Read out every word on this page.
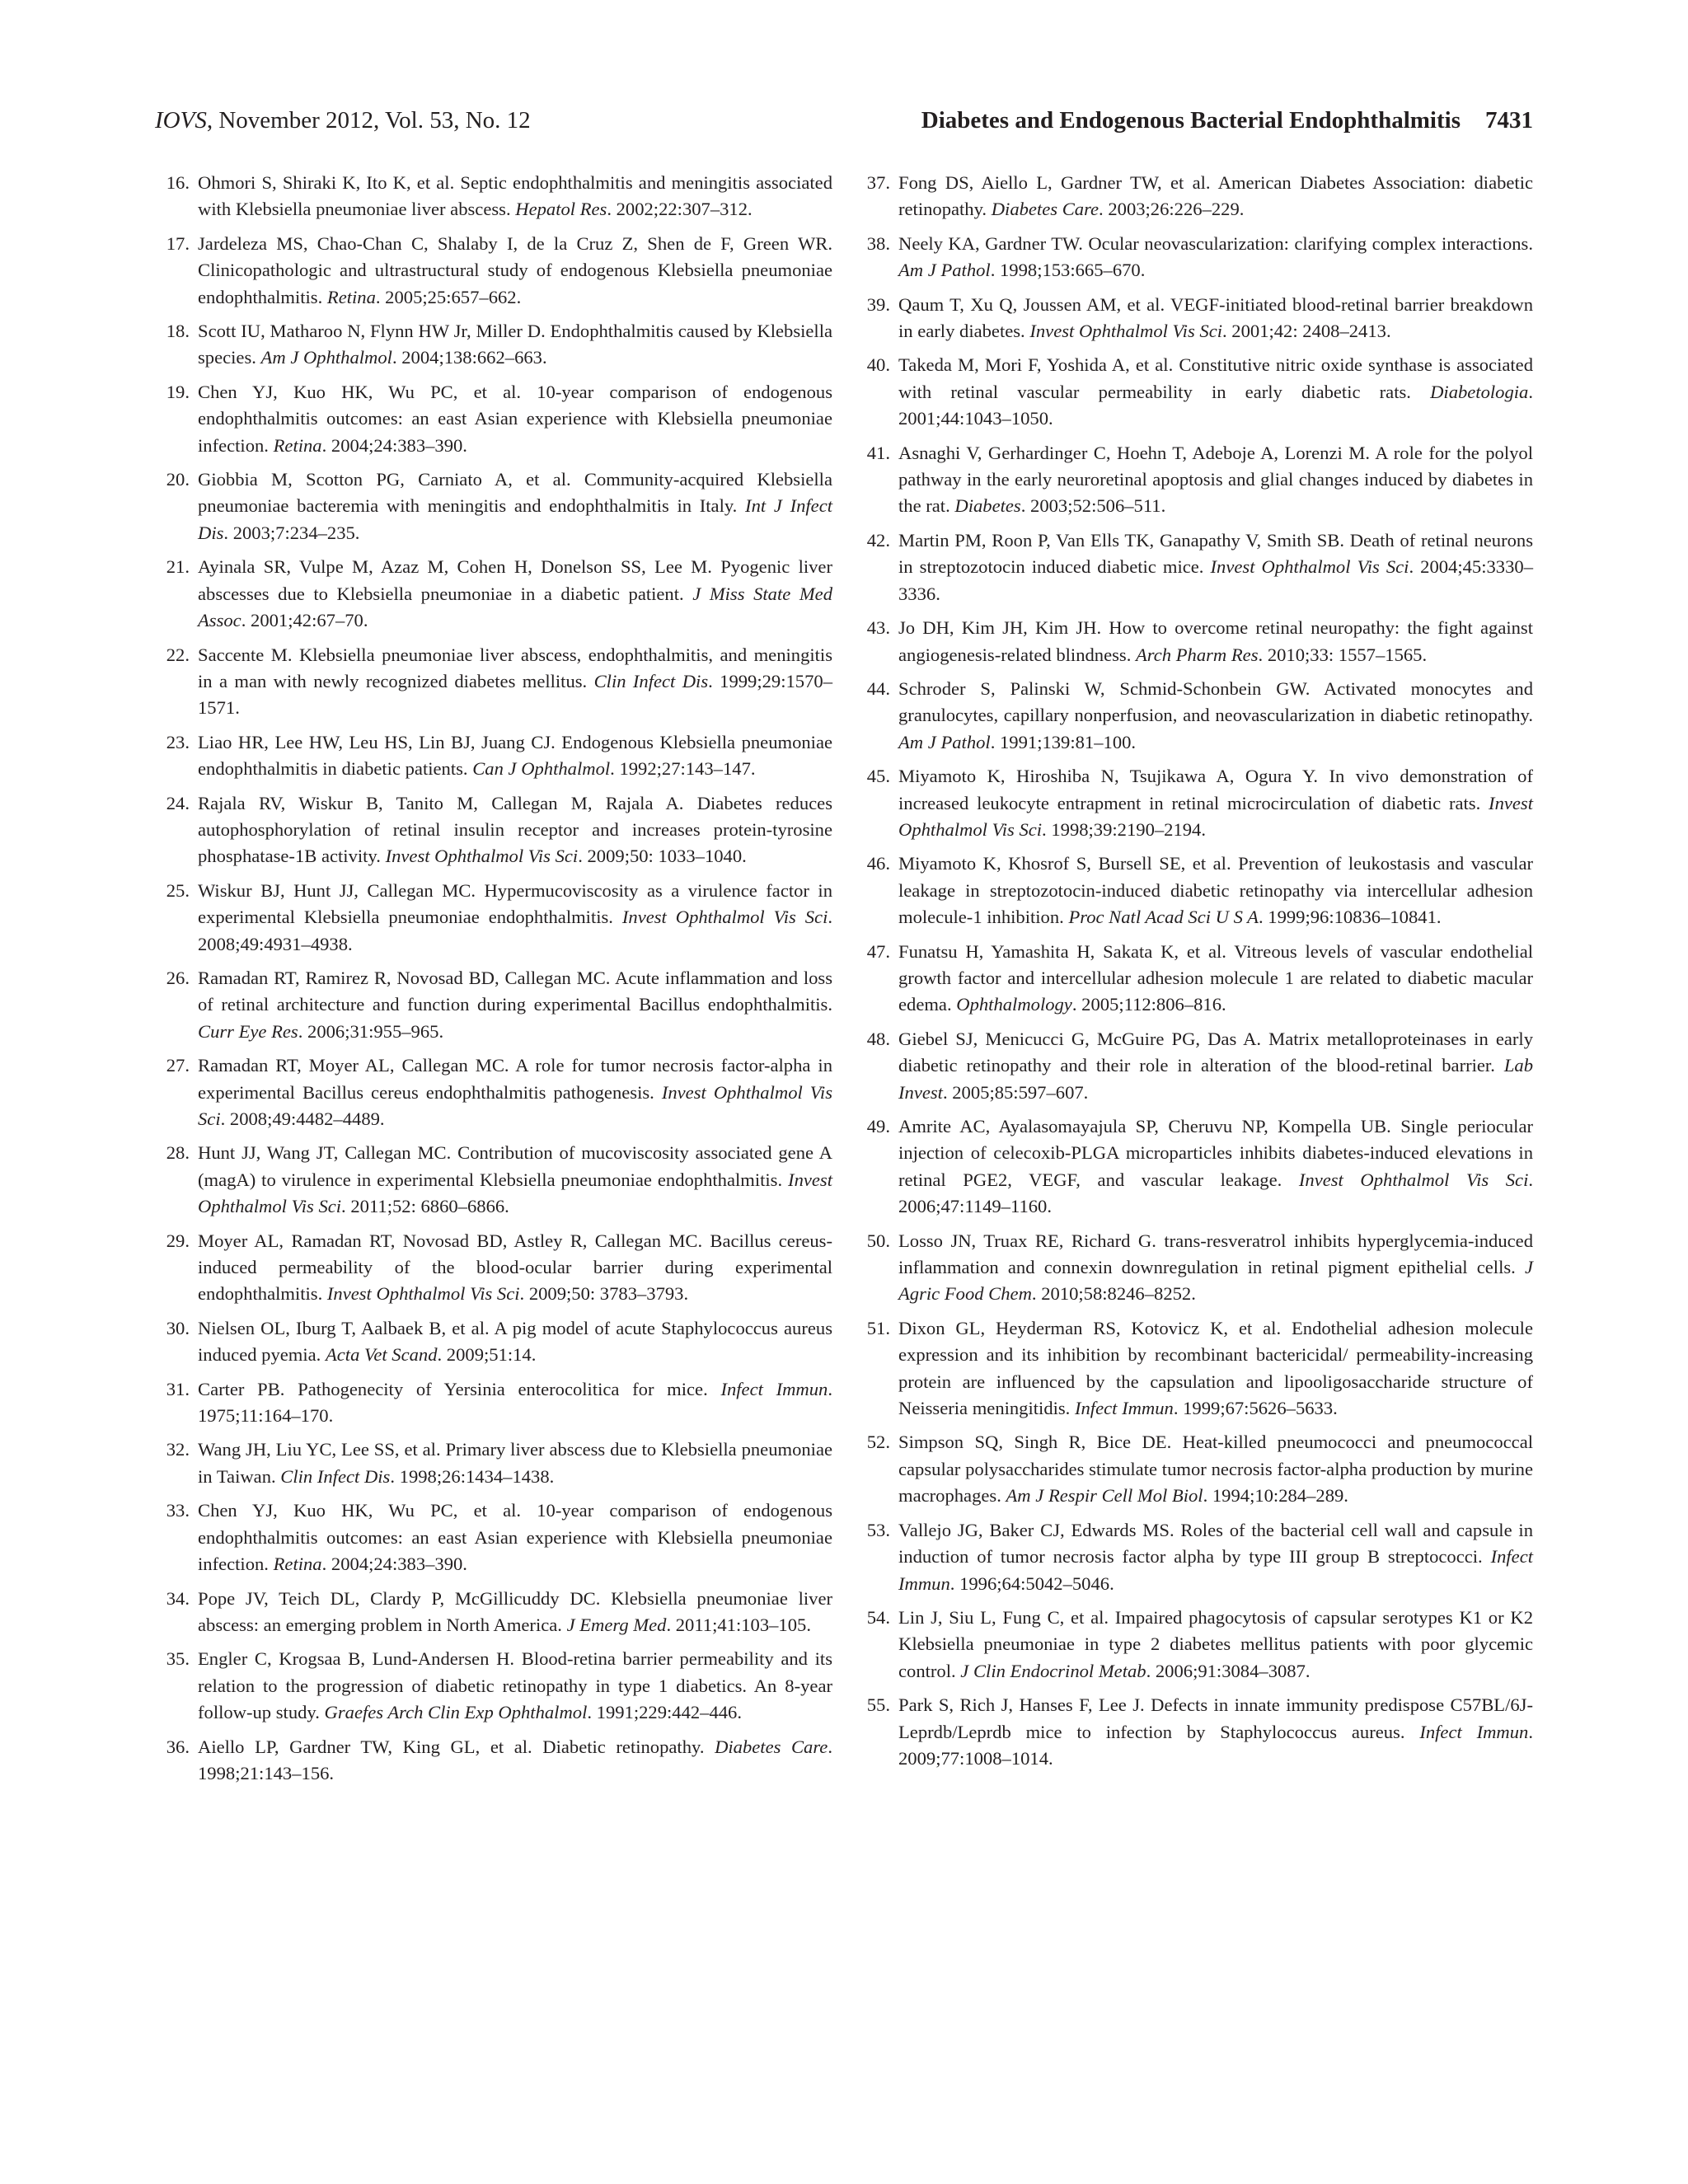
IOVS, November 2012, Vol. 53, No. 12	Diabetes and Endogenous Bacterial Endophthalmitis 7431
16. Ohmori S, Shiraki K, Ito K, et al. Septic endophthalmitis and meningitis associated with Klebsiella pneumoniae liver abscess. Hepatol Res. 2002;22:307–312.
17. Jardeleza MS, Chao-Chan C, Shalaby I, de la Cruz Z, Shen de F, Green WR. Clinicopathologic and ultrastructural study of endogenous Klebsiella pneumoniae endophthalmitis. Retina. 2005;25:657–662.
18. Scott IU, Matharoo N, Flynn HW Jr, Miller D. Endophthalmitis caused by Klebsiella species. Am J Ophthalmol. 2004;138:662–663.
19. Chen YJ, Kuo HK, Wu PC, et al. 10-year comparison of endogenous endophthalmitis outcomes: an east Asian experience with Klebsiella pneumoniae infection. Retina. 2004;24:383–390.
20. Giobbia M, Scotton PG, Carniato A, et al. Community-acquired Klebsiella pneumoniae bacteremia with meningitis and endophthalmitis in Italy. Int J Infect Dis. 2003;7:234–235.
21. Ayinala SR, Vulpe M, Azaz M, Cohen H, Donelson SS, Lee M. Pyogenic liver abscesses due to Klebsiella pneumoniae in a diabetic patient. J Miss State Med Assoc. 2001;42:67–70.
22. Saccente M. Klebsiella pneumoniae liver abscess, endophthalmitis, and meningitis in a man with newly recognized diabetes mellitus. Clin Infect Dis. 1999;29:1570–1571.
23. Liao HR, Lee HW, Leu HS, Lin BJ, Juang CJ. Endogenous Klebsiella pneumoniae endophthalmitis in diabetic patients. Can J Ophthalmol. 1992;27:143–147.
24. Rajala RV, Wiskur B, Tanito M, Callegan M, Rajala A. Diabetes reduces autophosphorylation of retinal insulin receptor and increases protein-tyrosine phosphatase-1B activity. Invest Ophthalmol Vis Sci. 2009;50: 1033–1040.
25. Wiskur BJ, Hunt JJ, Callegan MC. Hypermucoviscosity as a virulence factor in experimental Klebsiella pneumoniae endophthalmitis. Invest Ophthalmol Vis Sci. 2008;49:4931–4938.
26. Ramadan RT, Ramirez R, Novosad BD, Callegan MC. Acute inflammation and loss of retinal architecture and function during experimental Bacillus endophthalmitis. Curr Eye Res. 2006;31:955–965.
27. Ramadan RT, Moyer AL, Callegan MC. A role for tumor necrosis factor-alpha in experimental Bacillus cereus endophthalmitis pathogenesis. Invest Ophthalmol Vis Sci. 2008;49:4482–4489.
28. Hunt JJ, Wang JT, Callegan MC. Contribution of mucoviscosity associated gene A (magA) to virulence in experimental Klebsiella pneumoniae endophthalmitis. Invest Ophthalmol Vis Sci. 2011;52: 6860–6866.
29. Moyer AL, Ramadan RT, Novosad BD, Astley R, Callegan MC. Bacillus cereus-induced permeability of the blood-ocular barrier during experimental endophthalmitis. Invest Ophthalmol Vis Sci. 2009;50: 3783–3793.
30. Nielsen OL, Iburg T, Aalbaek B, et al. A pig model of acute Staphylococcus aureus induced pyemia. Acta Vet Scand. 2009;51:14.
31. Carter PB. Pathogenecity of Yersinia enterocolitica for mice. Infect Immun. 1975;11:164–170.
32. Wang JH, Liu YC, Lee SS, et al. Primary liver abscess due to Klebsiella pneumoniae in Taiwan. Clin Infect Dis. 1998;26:1434–1438.
33. Chen YJ, Kuo HK, Wu PC, et al. 10-year comparison of endogenous endophthalmitis outcomes: an east Asian experience with Klebsiella pneumoniae infection. Retina. 2004;24:383–390.
34. Pope JV, Teich DL, Clardy P, McGillicuddy DC. Klebsiella pneumoniae liver abscess: an emerging problem in North America. J Emerg Med. 2011;41:103–105.
35. Engler C, Krogsaa B, Lund-Andersen H. Blood-retina barrier permeability and its relation to the progression of diabetic retinopathy in type 1 diabetics. An 8-year follow-up study. Graefes Arch Clin Exp Ophthalmol. 1991;229:442–446.
36. Aiello LP, Gardner TW, King GL, et al. Diabetic retinopathy. Diabetes Care. 1998;21:143–156.
37. Fong DS, Aiello L, Gardner TW, et al. American Diabetes Association: diabetic retinopathy. Diabetes Care. 2003;26:226–229.
38. Neely KA, Gardner TW. Ocular neovascularization: clarifying complex interactions. Am J Pathol. 1998;153:665–670.
39. Qaum T, Xu Q, Joussen AM, et al. VEGF-initiated blood-retinal barrier breakdown in early diabetes. Invest Ophthalmol Vis Sci. 2001;42: 2408–2413.
40. Takeda M, Mori F, Yoshida A, et al. Constitutive nitric oxide synthase is associated with retinal vascular permeability in early diabetic rats. Diabetologia. 2001;44:1043–1050.
41. Asnaghi V, Gerhardinger C, Hoehn T, Adeboje A, Lorenzi M. A role for the polyol pathway in the early neuroretinal apoptosis and glial changes induced by diabetes in the rat. Diabetes. 2003;52:506–511.
42. Martin PM, Roon P, Van Ells TK, Ganapathy V, Smith SB. Death of retinal neurons in streptozotocin induced diabetic mice. Invest Ophthalmol Vis Sci. 2004;45:3330–3336.
43. Jo DH, Kim JH, Kim JH. How to overcome retinal neuropathy: the fight against angiogenesis-related blindness. Arch Pharm Res. 2010;33: 1557–1565.
44. Schroder S, Palinski W, Schmid-Schonbein GW. Activated monocytes and granulocytes, capillary nonperfusion, and neovascularization in diabetic retinopathy. Am J Pathol. 1991;139:81–100.
45. Miyamoto K, Hiroshiba N, Tsujikawa A, Ogura Y. In vivo demonstration of increased leukocyte entrapment in retinal microcirculation of diabetic rats. Invest Ophthalmol Vis Sci. 1998;39:2190–2194.
46. Miyamoto K, Khosrof S, Bursell SE, et al. Prevention of leukostasis and vascular leakage in streptozotocin-induced diabetic retinopathy via intercellular adhesion molecule-1 inhibition. Proc Natl Acad Sci U S A. 1999;96:10836–10841.
47. Funatsu H, Yamashita H, Sakata K, et al. Vitreous levels of vascular endothelial growth factor and intercellular adhesion molecule 1 are related to diabetic macular edema. Ophthalmology. 2005;112:806–816.
48. Giebel SJ, Menicucci G, McGuire PG, Das A. Matrix metalloproteinases in early diabetic retinopathy and their role in alteration of the blood-retinal barrier. Lab Invest. 2005;85:597–607.
49. Amrite AC, Ayalasomayajula SP, Cheruvu NP, Kompella UB. Single periocular injection of celecoxib-PLGA microparticles inhibits diabetes-induced elevations in retinal PGE2, VEGF, and vascular leakage. Invest Ophthalmol Vis Sci. 2006;47:1149–1160.
50. Losso JN, Truax RE, Richard G. trans-resveratrol inhibits hyperglycemia-induced inflammation and connexin downregulation in retinal pigment epithelial cells. J Agric Food Chem. 2010;58:8246–8252.
51. Dixon GL, Heyderman RS, Kotovicz K, et al. Endothelial adhesion molecule expression and its inhibition by recombinant bactericidal/ permeability-increasing protein are influenced by the capsulation and lipooligosaccharide structure of Neisseria meningitidis. Infect Immun. 1999;67:5626–5633.
52. Simpson SQ, Singh R, Bice DE. Heat-killed pneumococci and pneumococcal capsular polysaccharides stimulate tumor necrosis factor-alpha production by murine macrophages. Am J Respir Cell Mol Biol. 1994;10:284–289.
53. Vallejo JG, Baker CJ, Edwards MS. Roles of the bacterial cell wall and capsule in induction of tumor necrosis factor alpha by type III group B streptococci. Infect Immun. 1996;64:5042–5046.
54. Lin J, Siu L, Fung C, et al. Impaired phagocytosis of capsular serotypes K1 or K2 Klebsiella pneumoniae in type 2 diabetes mellitus patients with poor glycemic control. J Clin Endocrinol Metab. 2006;91:3084–3087.
55. Park S, Rich J, Hanses F, Lee J. Defects in innate immunity predispose C57BL/6J-Leprdb/Leprdb mice to infection by Staphylococcus aureus. Infect Immun. 2009;77:1008–1014.
